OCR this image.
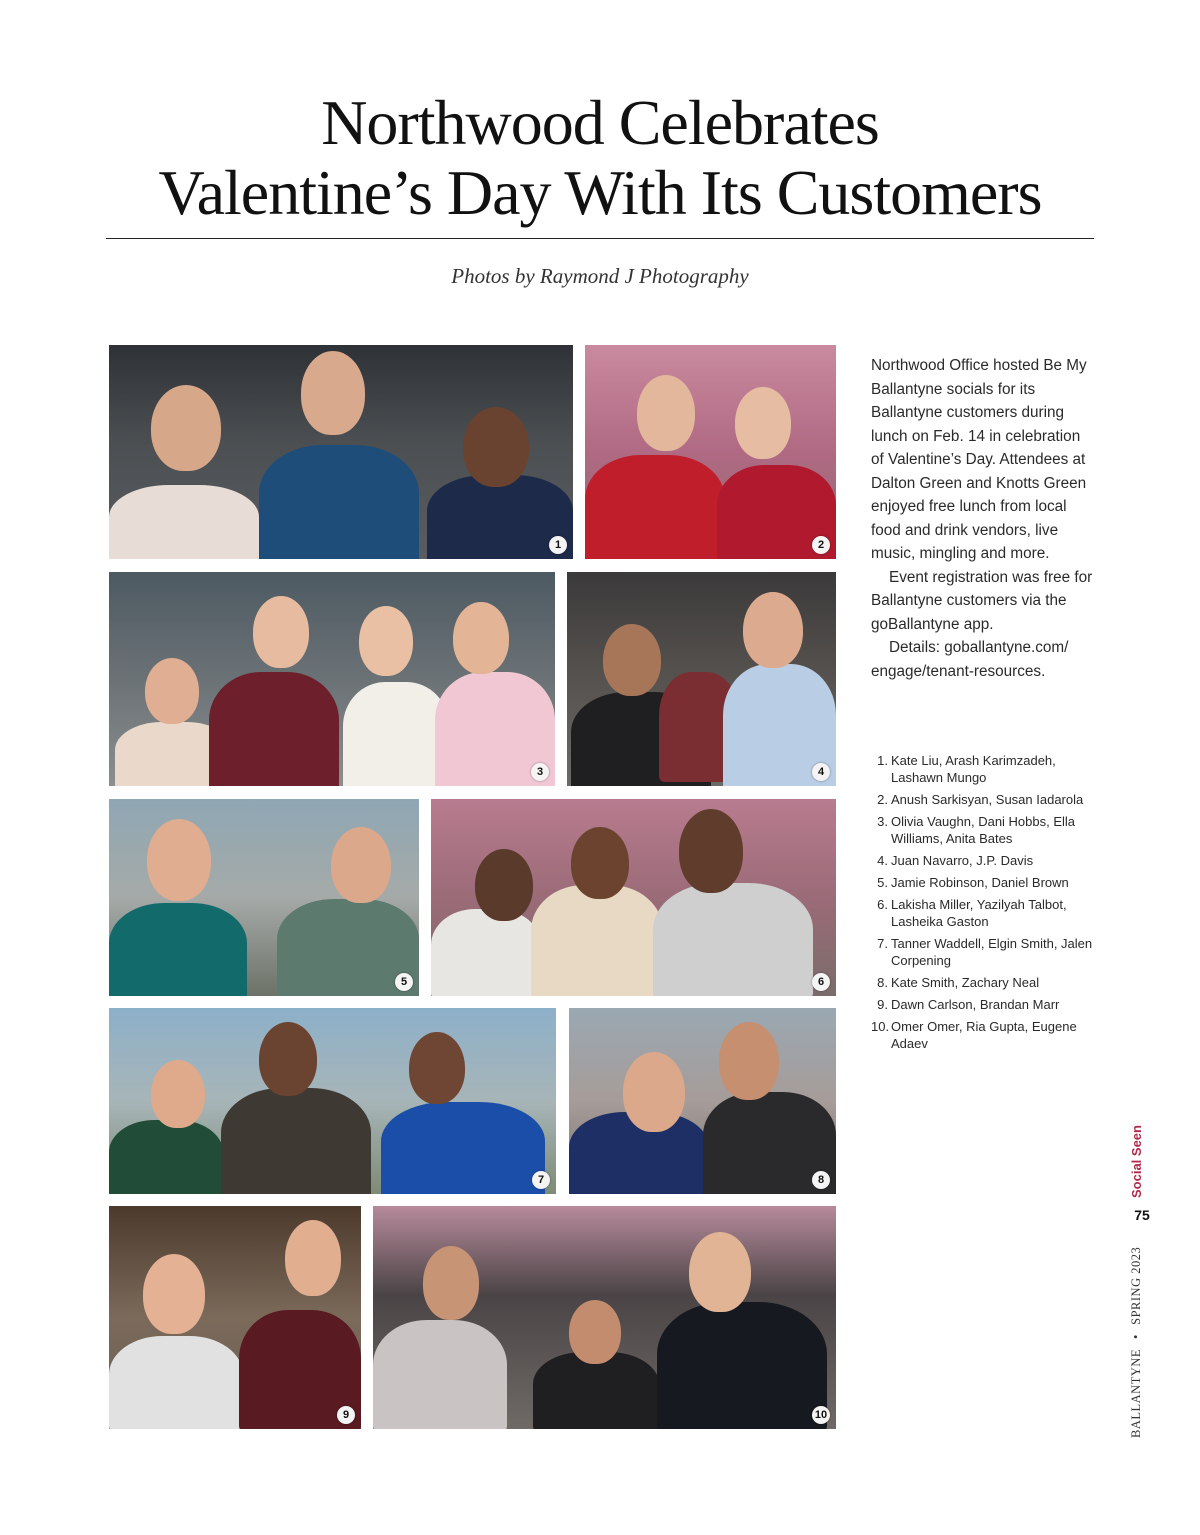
Northwood Celebrates
Valentine’s Day With Its Customers
Photos by Raymond J Photography
1	2
3	4
5	6
7	8
9	10

Northwood Office hosted Be My Ballantyne socials for its Ballantyne customers during lunch on Feb. 14 in celebration of Valentine’s Day. Attendees at Dalton Green and Knotts Green enjoyed free lunch from local food and drink vendors, live music, mingling and more.

Event registration was free for Ballantyne customers via the goBallantyne app.

Details: goballantyne.com/ engage/tenant-resources.

1. Kate Liu, Arash Karimzadeh, Lashawn Mungo
2. Anush Sarkisyan, Susan Iadarola
3. Olivia Vaughn, Dani Hobbs, Ella Williams, Anita Bates
4. Juan Navarro, J.P. Davis
5. Jamie Robinson, Daniel Brown
6. Lakisha Miller, Yazilyah Talbot, Lasheika Gaston
7. Tanner Waddell, Elgin Smith, Jalen Corpening
8. Kate Smith, Zachary Neal
9. Dawn Carlson, Brandan Marr
10. Omer Omer, Ria Gupta, Eugene Adaev
Social Seen
75
BALLANTYNE • SPRING 2023
